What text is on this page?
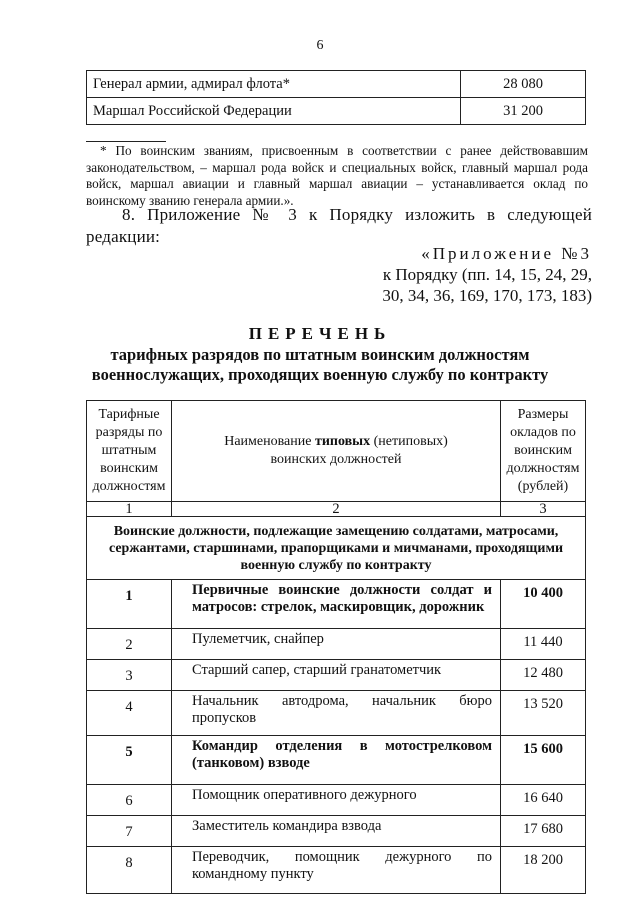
6
Генерал армии, адмирал флота*	28 080
Маршал Российской Федерации	31 200
* По воинским званиям, присвоенным в соответствии с ранее действовавшим законодательством, – маршал рода войск и специальных войск, главный маршал рода войск, маршал авиации и главный маршал авиации – устанавливается оклад по воинскому званию генерала армии.».
8. Приложение № 3 к Порядку изложить в следующей редакции:
«Приложение №3
к Порядку (пп. 14, 15, 24, 29,
30, 34, 36, 169, 170, 173, 183)
ПЕРЕЧЕНЬ
тарифных разрядов по штатным воинским должностям
военнослужащих, проходящих военную службу по контракту
Тарифные разряды по штатным воинским должностям	Наименование типовых (нетиповых) воинских должностей	Размеры окладов по воинским должностям (рублей)
1	2	3
Воинские должности, подлежащие замещению солдатами, матросами, сержантами, старшинами, прапорщиками и мичманами, проходящими военную службу по контракту		
1	Первичные воинские должности солдат и матросов: стрелок, маскировщик, дорожник	10 400
2	Пулеметчик, снайпер	11 440
3	Старший сапер, старший гранатометчик	12 480
4	Начальник автодрома, начальник бюро пропусков	13 520
5	Командир отделения в мотострелковом (танковом) взводе	15 600
6	Помощник оперативного дежурного	16 640
7	Заместитель командира взвода	17 680
8	Переводчик, помощник дежурного по командному пункту	18 200
